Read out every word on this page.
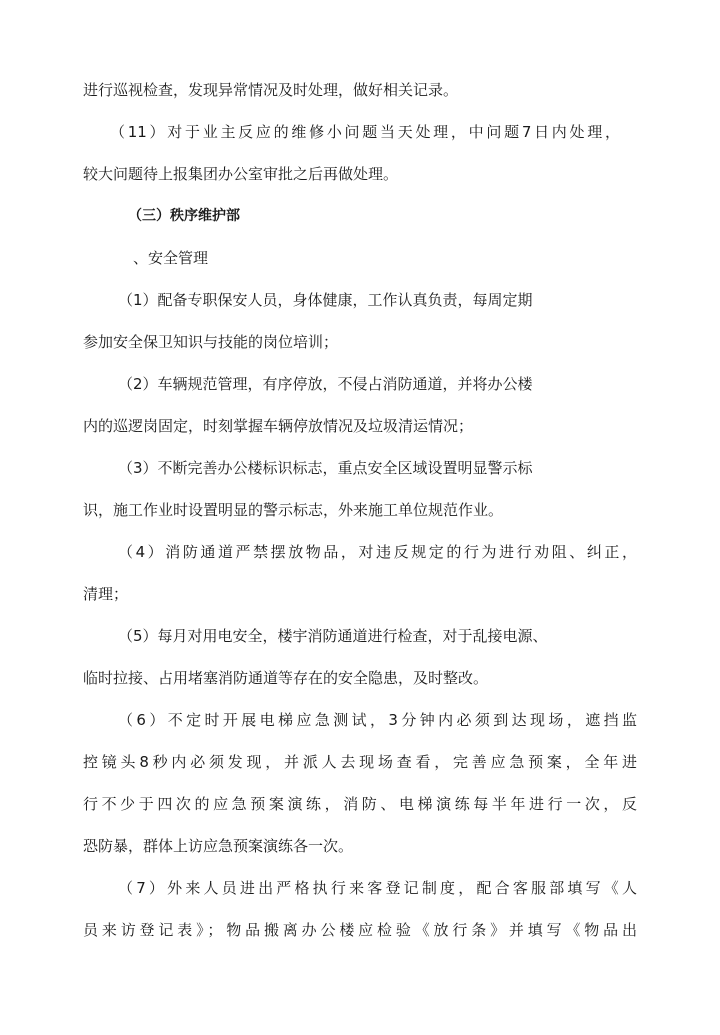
进行巡视检查，发现异常情况及时处理，做好相关记录。
（11）对于业主反应的维修小问题当天处理，中问题7日内处理，
较大问题待上报集团办公室审批之后再做处理。
（三）秩序维护部
、安全管理
（1）配备专职保安人员，身体健康，工作认真负责，每周定期
参加安全保卫知识与技能的岗位培训；
（2）车辆规范管理，有序停放，不侵占消防通道，并将办公楼
内的巡逻岗固定，时刻掌握车辆停放情况及垃圾清运情况；
（3）不断完善办公楼标识标志，重点安全区域设置明显警示标
识，施工作业时设置明显的警示标志，外来施工单位规范作业。
（4）消防通道严禁摆放物品，对违反规定的行为进行劝阻、纠正，
清理；
（5）每月对用电安全，楼宇消防通道进行检查，对于乱接电源、
临时拉接、占用堵塞消防通道等存在的安全隐患，及时整改。
（6）不定时开展电梯应急测试，3分钟内必须到达现场，遮挡监
控镜头8秒内必须发现，并派人去现场查看，完善应急预案，全年进
行不少于四次的应急预案演练，消防、电梯演练每半年进行一次，反
恐防暴，群体上访应急预案演练各一次。
（7）外来人员进出严格执行来客登记制度，配合客服部填写《人
员来访登记表》；物品搬离办公楼应检验《放行条》并填写《物品出
